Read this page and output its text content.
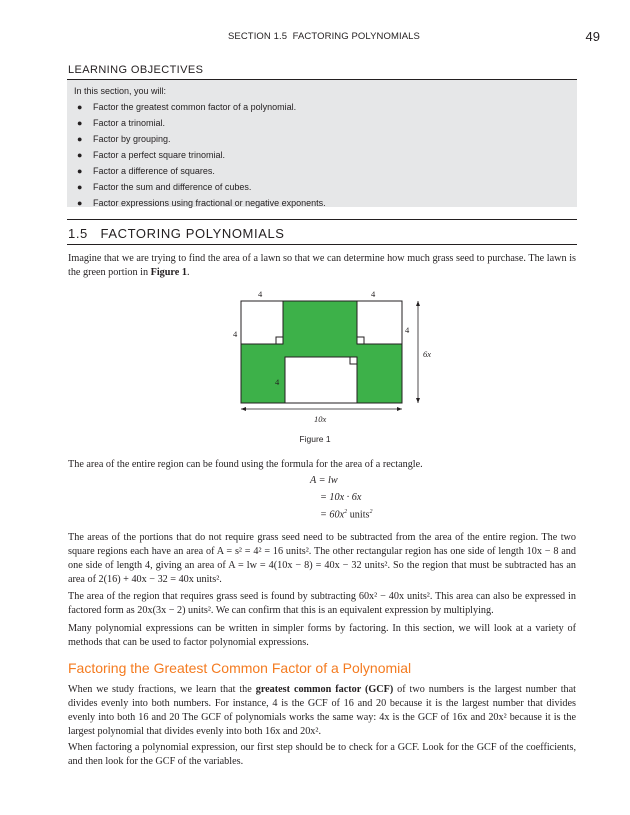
SECTION 1.5 FACTORING POLYNOMIALS	49
LEARNING OBJECTIVES
In this section, you will:
● Factor the greatest common factor of a polynomial.
● Factor a trinomial.
● Factor by grouping.
● Factor a perfect square trinomial.
● Factor a difference of squares.
● Factor the sum and difference of cubes.
● Factor expressions using fractional or negative exponents.
1.5 FACTORING POLYNOMIALS

Imagine that we are trying to find the area of a lawn so that we can determine how much grass seed to purchase. The lawn is the green portion in Figure 1.

4	4
4	4
4
6x
10x
Figure 1

The area of the entire region can be found using the formula for the area of a rectangle.

A = lw
= 10x · 6x
= $60x^2$ units$^2$

The areas of the portions that do not require grass seed need to be subtracted from the area of the entire region. The two square regions each have an area of A = s² = 4² = 16 units². The other rectangular region has one side of length 10x − 8 and one side of length 4, giving an area of A = lw = 4(10x − 8) = 40x − 32 units². So the region that must be subtracted has an area of 2(16) + 40x − 32 = 40x units².

The area of the region that requires grass seed is found by subtracting 60x² − 40x units². This area can also be expressed in factored form as 20x(3x − 2) units². We can confirm that this is an equivalent expression by multiplying.

Many polynomial expressions can be written in simpler forms by factoring. In this section, we will look at a variety of methods that can be used to factor polynomial expressions.

Factoring the Greatest Common Factor of a Polynomial

When we study fractions, we learn that the greatest common factor (GCF) of two numbers is the largest number that divides evenly into both numbers. For instance, 4 is the GCF of 16 and 20 because it is the largest number that divides evenly into both 16 and 20 The GCF of polynomials works the same way: 4x is the GCF of 16x and 20x² because it is the largest polynomial that divides evenly into both 16x and 20x².

When factoring a polynomial expression, our first step should be to check for a GCF. Look for the GCF of the coefficients, and then look for the GCF of the variables.
